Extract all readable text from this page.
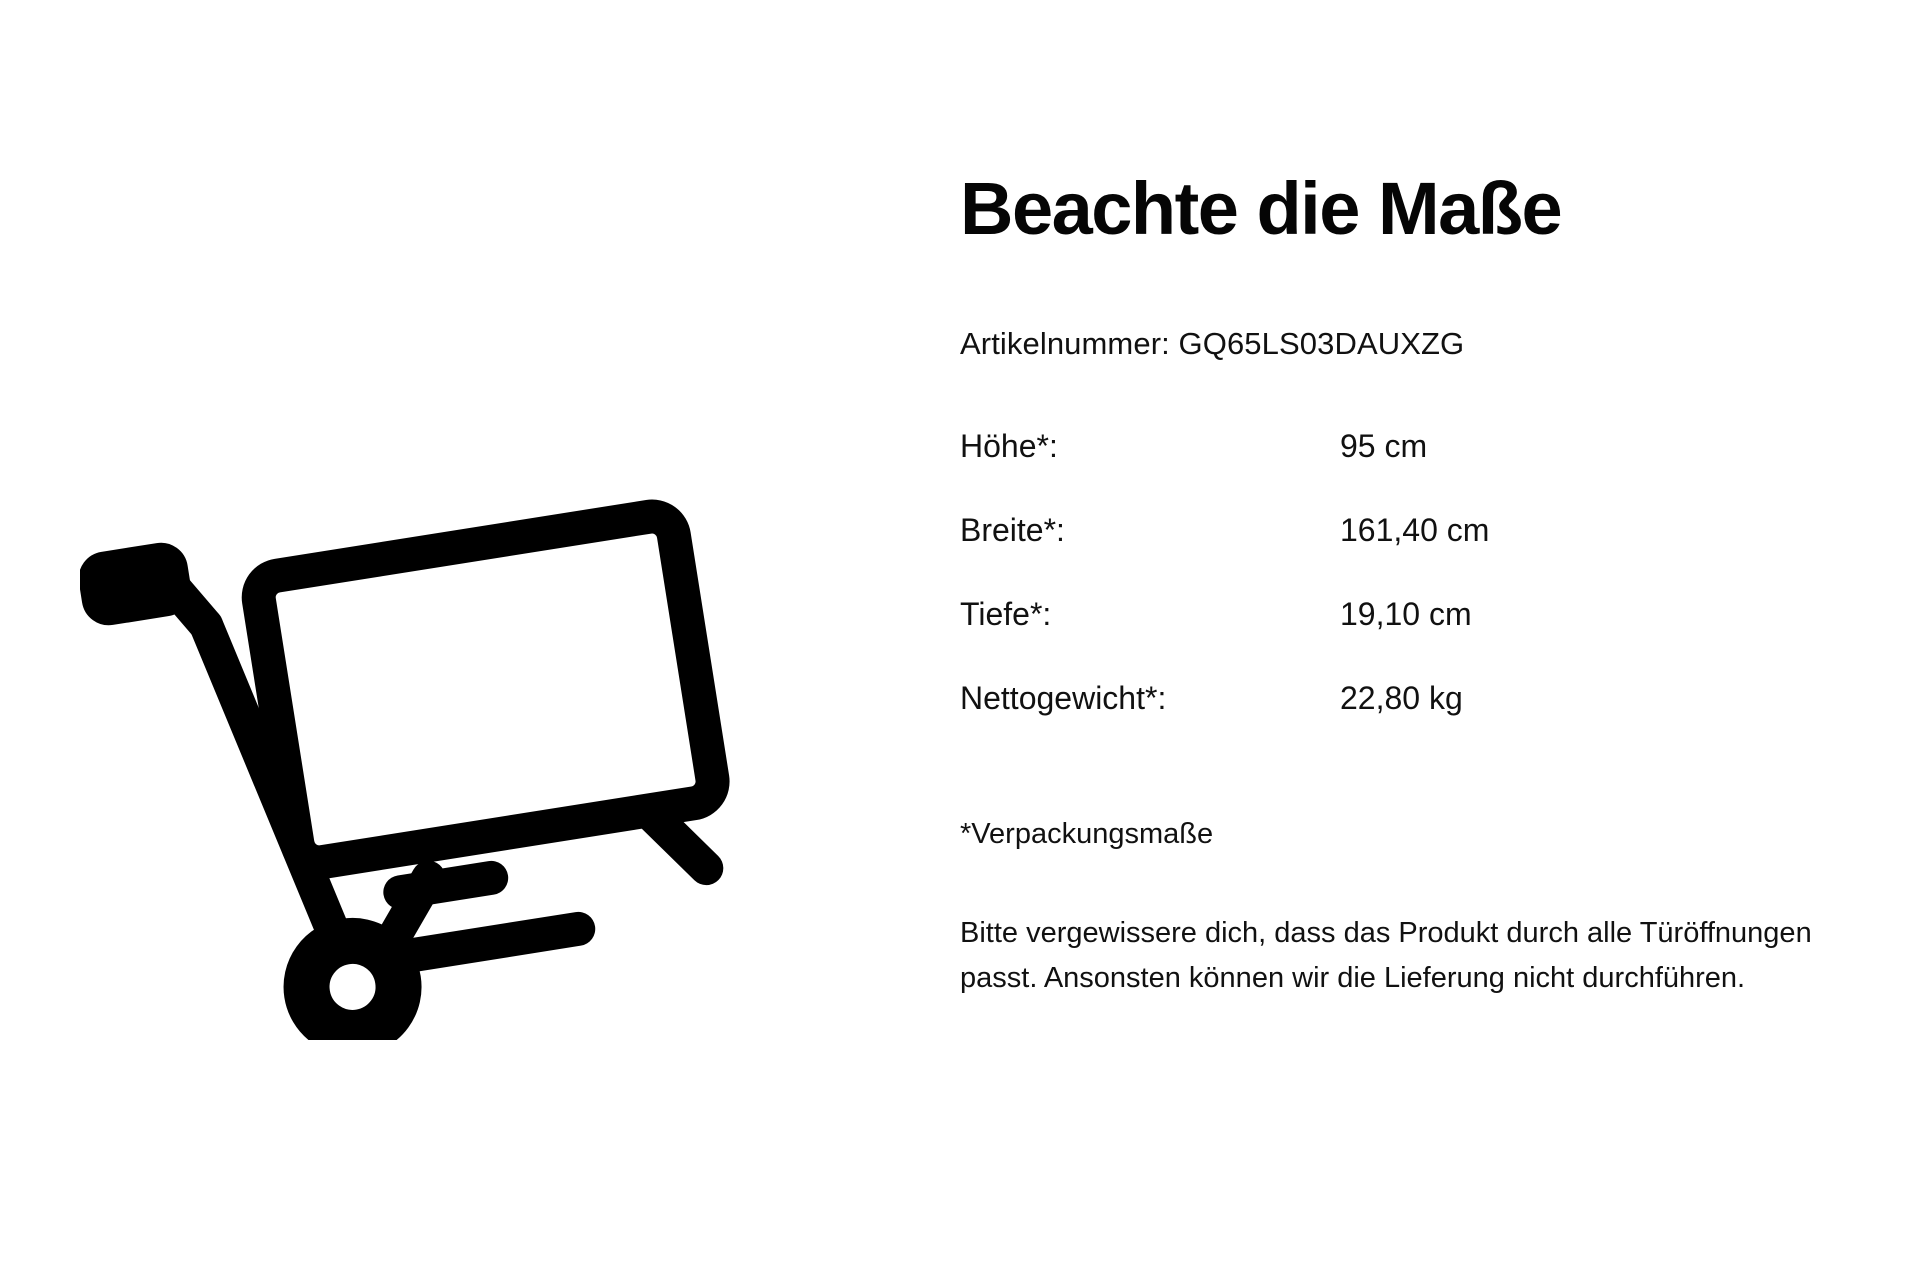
Beachte die Maße
Artikelnummer: GQ65LS03DAUXZG
Höhe*:	95 cm
Breite*:	161,40 cm
Tiefe*:	19,10 cm
Nettogewicht*:	22,80 kg
*Verpackungsmaße

Bitte vergewissere dich, dass das Produkt durch alle Türöffnungen passt. Ansonsten können wir die Lieferung nicht durchführen.
